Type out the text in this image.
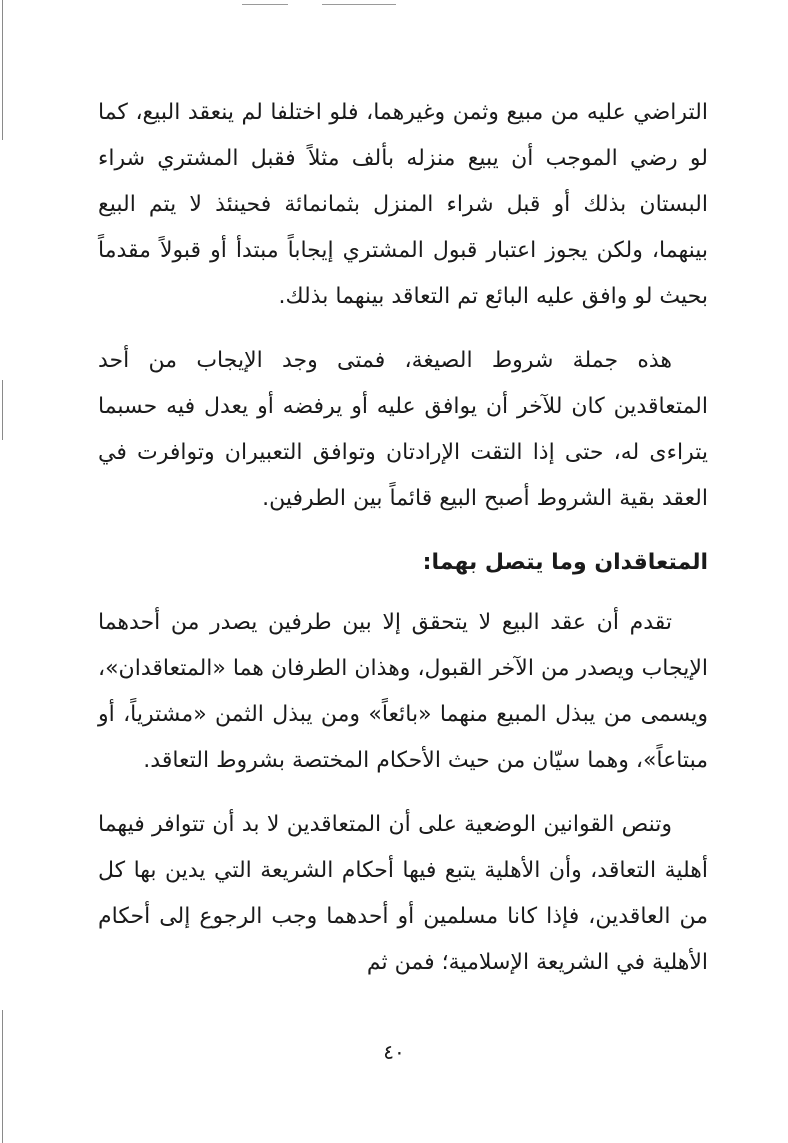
التراضي عليه من مبيع وثمن وغيرهما، فلو اختلفا لم ينعقد البيع، كما لو رضي الموجب أن يبيع منزله بألف مثلاً فقبل المشتري شراء البستان بذلك أو قبل شراء المنزل بثمانمائة فحينئذ لا يتم البيع بينهما، ولكن يجوز اعتبار قبول المشتري إيجاباً مبتدأ أو قبولاً مقدماً بحيث لو وافق عليه البائع تم التعاقد بينهما بذلك.

هذه جملة شروط الصيغة، فمتى وجد الإيجاب من أحد المتعاقدين كان للآخر أن يوافق عليه أو يرفضه أو يعدل فيه حسبما يتراءى له، حتى إذا التقت الإرادتان وتوافق التعبيران وتوافرت في العقد بقية الشروط أصبح البيع قائماً بين الطرفين.

المتعاقدان وما يتصل بهما:

تقدم أن عقد البيع لا يتحقق إلا بين طرفين يصدر من أحدهما الإيجاب ويصدر من الآخر القبول، وهذان الطرفان هما «المتعاقدان»، ويسمى من يبذل المبيع منهما «بائعاً» ومن يبذل الثمن «مشترياً، أو مبتاعاً»، وهما سيّان من حيث الأحكام المختصة بشروط التعاقد.

وتنص القوانين الوضعية على أن المتعاقدين لا بد أن تتوافر فيهما أهلية التعاقد، وأن الأهلية يتبع فيها أحكام الشريعة التي يدين بها كل من العاقدين، فإذا كانا مسلمين أو أحدهما وجب الرجوع إلى أحكام الأهلية في الشريعة الإسلامية؛ فمن ثم

٤٠
